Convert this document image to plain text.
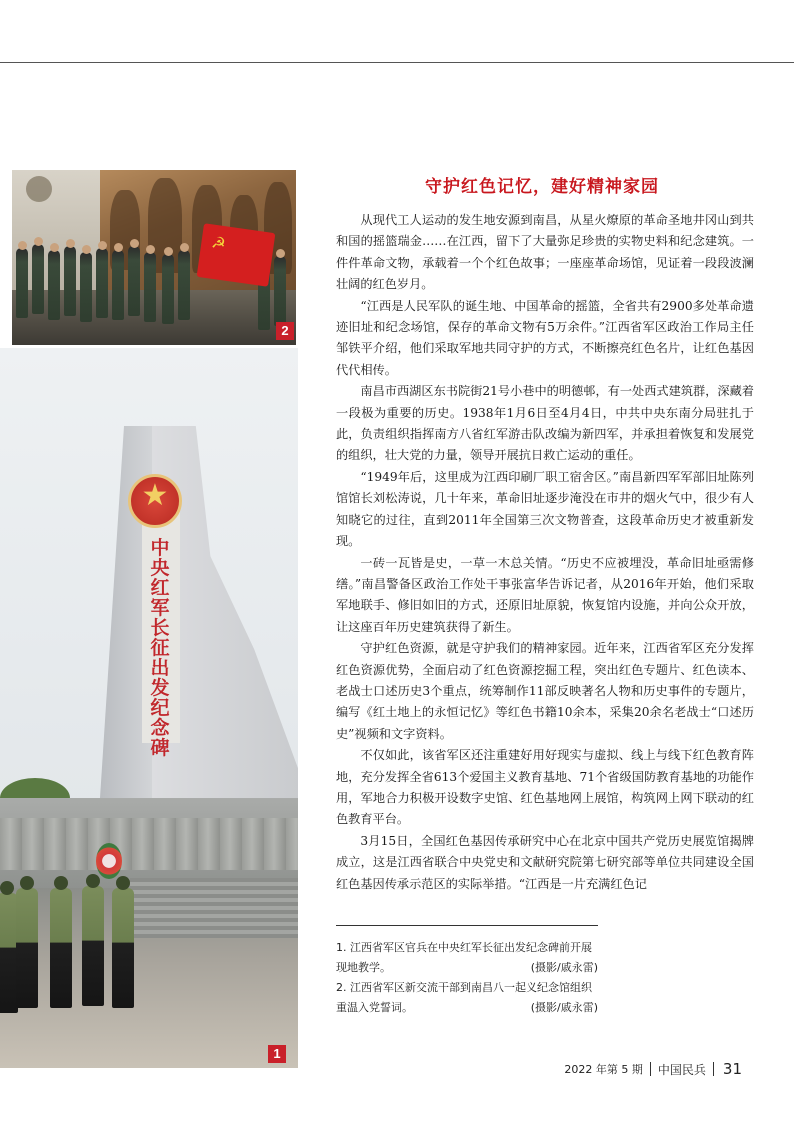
2
☭
★
中央红军长征出发纪念碑
1
守护红色记忆，建好精神家园

从现代工人运动的发生地安源到南昌，从星火燎原的革命圣地井冈山到共和国的摇篮瑞金……在江西，留下了大量弥足珍贵的实物史料和纪念建筑。一件件革命文物，承载着一个个红色故事；一座座革命场馆，见证着一段段波澜壮阔的红色岁月。

“江西是人民军队的诞生地、中国革命的摇篮，全省共有2900多处革命遗迹旧址和纪念场馆，保存的革命文物有5万余件。”江西省军区政治工作局主任邹铁平介绍，他们采取军地共同守护的方式，不断擦亮红色名片，让红色基因代代相传。

南昌市西湖区东书院街21号小巷中的明德邨，有一处西式建筑群，深藏着一段极为重要的历史。1938年1月6日至4月4日，中共中央东南分局驻扎于此，负责组织指挥南方八省红军游击队改编为新四军，并承担着恢复和发展党的组织，壮大党的力量，领导开展抗日救亡运动的重任。

“1949年后，这里成为江西印刷厂职工宿舍区。”南昌新四军军部旧址陈列馆馆长刘松涛说，几十年来，革命旧址逐步淹没在市井的烟火气中，很少有人知晓它的过往，直到2011年全国第三次文物普查，这段革命历史才被重新发现。

一砖一瓦皆是史，一草一木总关情。“历史不应被埋没，革命旧址亟需修缮。”南昌警备区政治工作处干事张富华告诉记者，从2016年开始，他们采取军地联手、修旧如旧的方式，还原旧址原貌，恢复馆内设施，并向公众开放，让这座百年历史建筑获得了新生。

守护红色资源，就是守护我们的精神家园。近年来，江西省军区充分发挥红色资源优势，全面启动了红色资源挖掘工程，突出红色专题片、红色读本、老战士口述历史3个重点，统筹制作11部反映著名人物和历史事件的专题片，编写《红土地上的永恒记忆》等红色书籍10余本，采集20余名老战士“口述历史”视频和文字资料。

不仅如此，该省军区还注重建好用好现实与虚拟、线上与线下红色教育阵地，充分发挥全省613个爱国主义教育基地、71个省级国防教育基地的功能作用，军地合力积极开设数字史馆、红色基地网上展馆，构筑网上网下联动的红色教育平台。

3月15日，全国红色基因传承研究中心在北京中国共产党历史展览馆揭牌成立，这是江西省联合中央党史和文献研究院第七研究部等单位共同建设全国红色基因传承示范区的实际举措。“江西是一片充满红色记

1. 江西省军区官兵在中央红军长征出发纪念碑前开展现地教学。	(摄影/戚永雷)
2. 江西省军区新交流干部到南昌八一起义纪念馆组织重温入党誓词。	(摄影/戚永雷)
2022 年第 5 期 中国民兵 31
